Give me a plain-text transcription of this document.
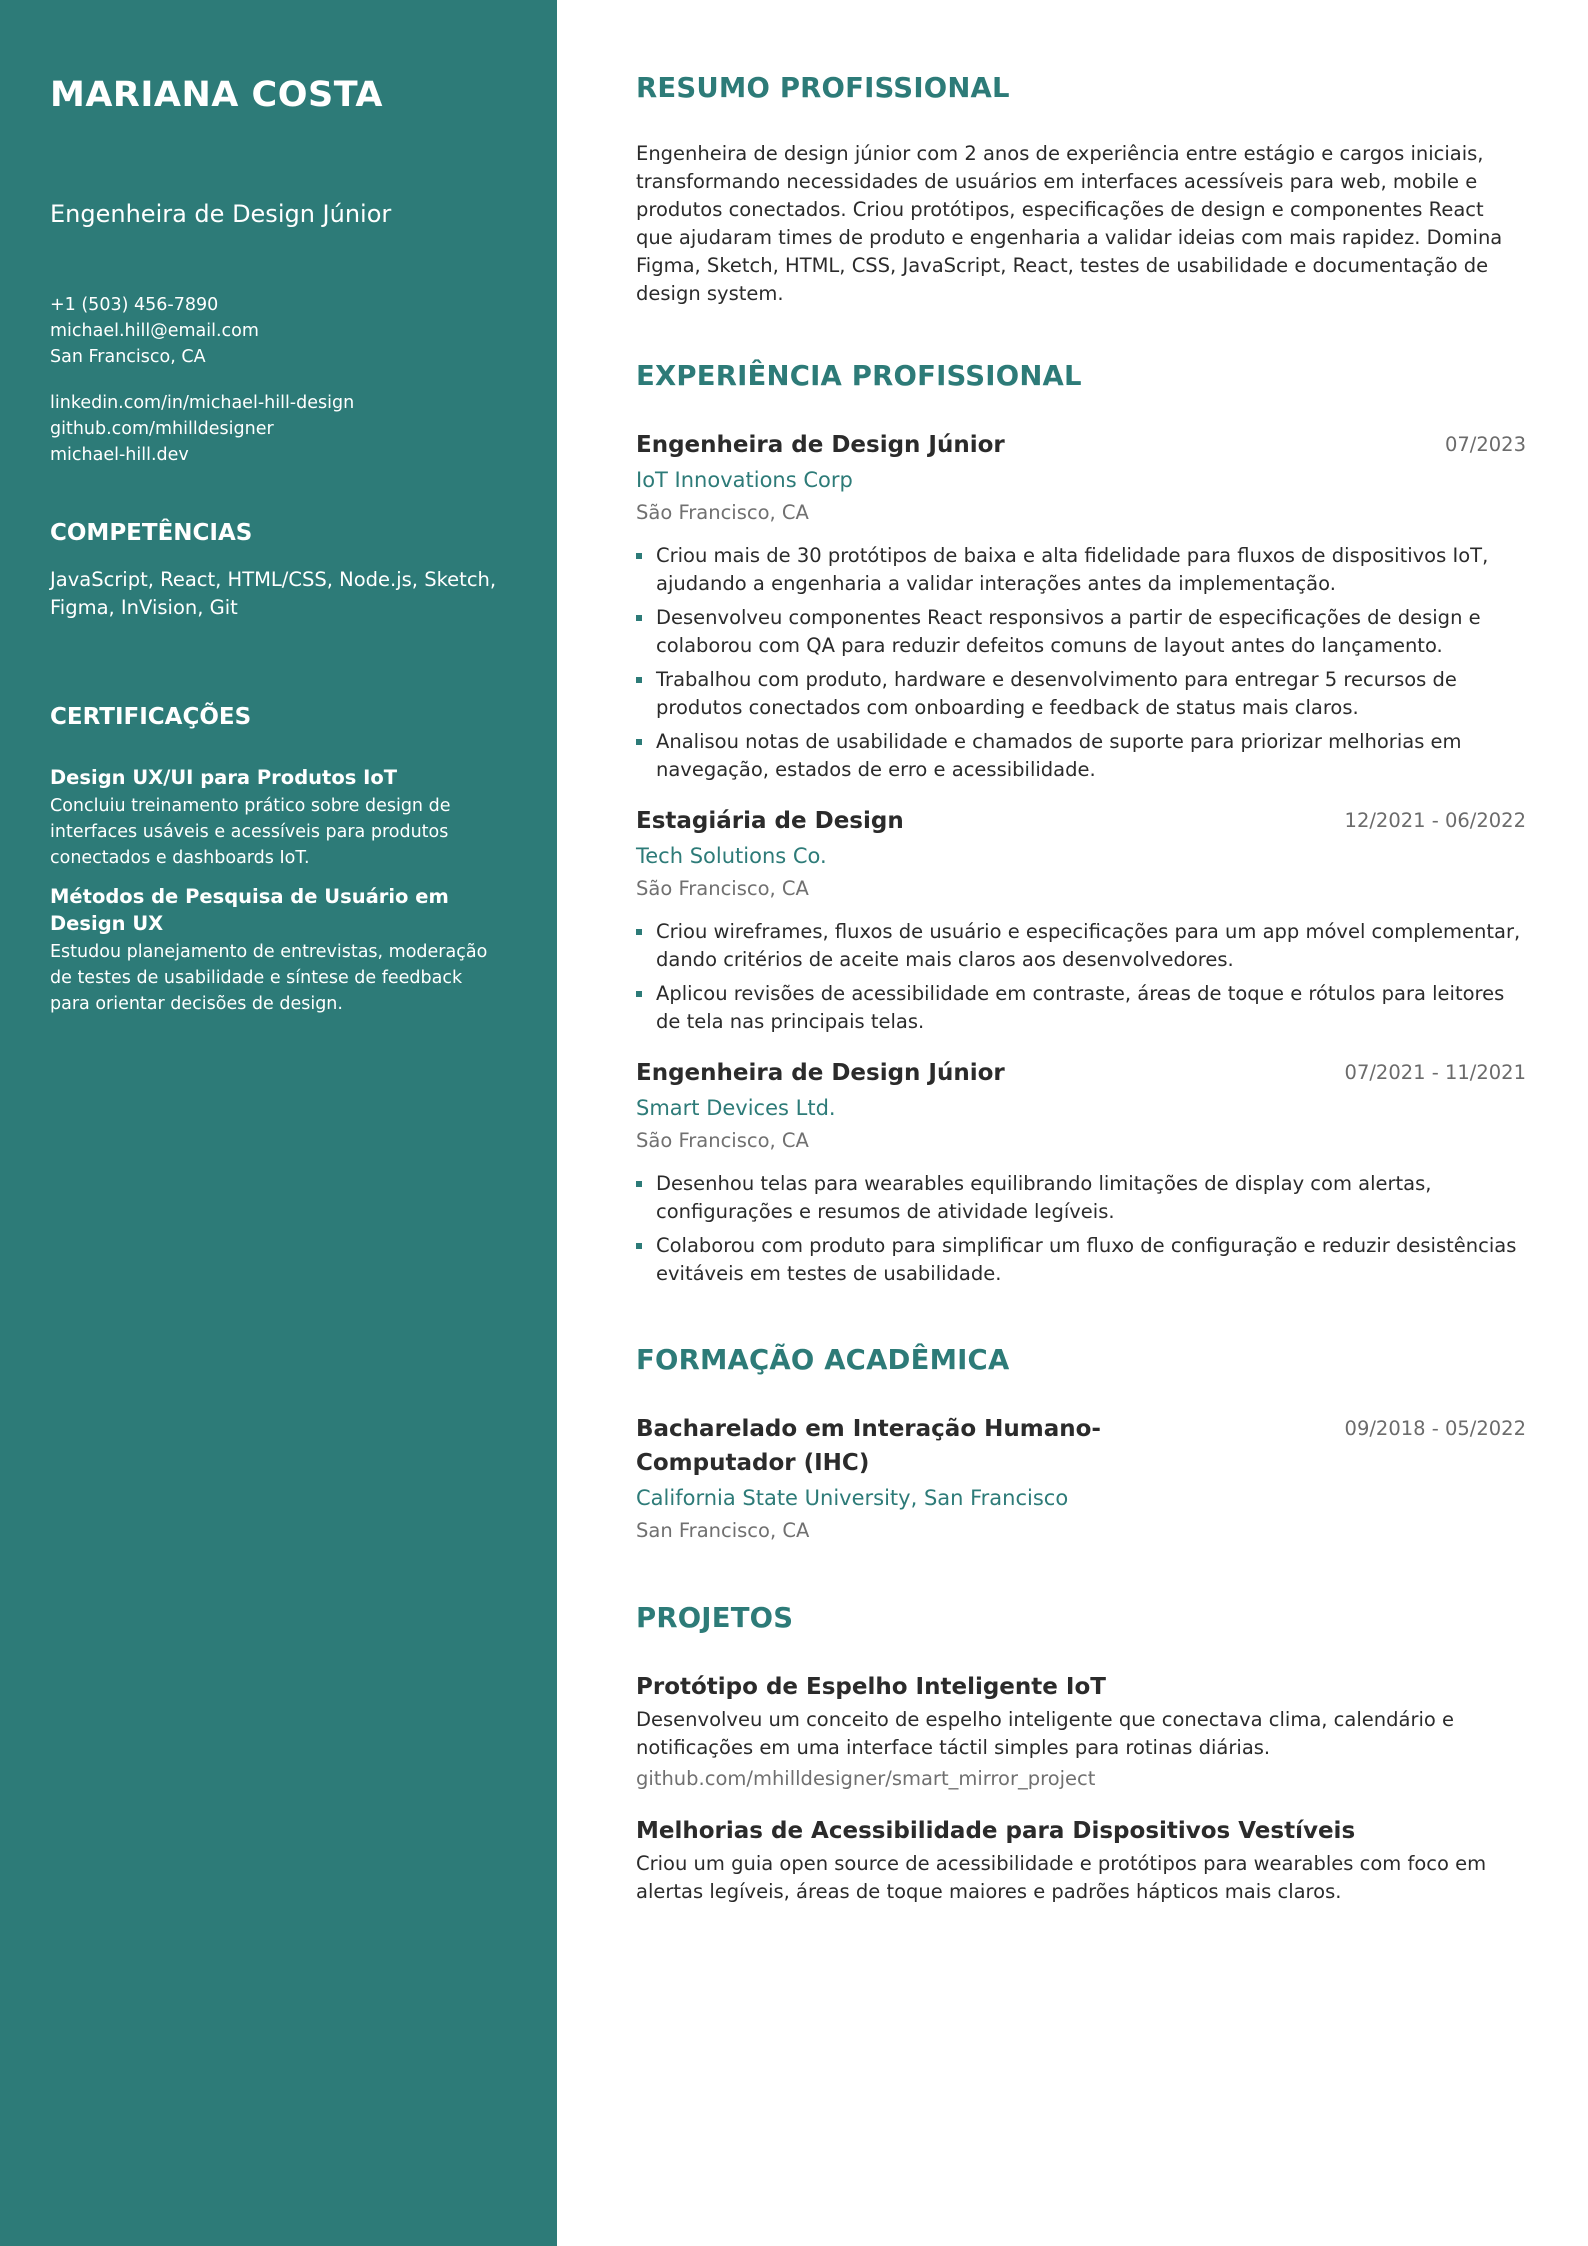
MARIANA COSTA
Engenheira de Design Júnior
+1 (503) 456-7890
michael.hill@email.com
San Francisco, CA
linkedin.com/in/michael-hill-design
github.com/mhilldesigner
michael-hill.dev
COMPETÊNCIAS

JavaScript, React, HTML/CSS, Node.js, Sketch, Figma, InVision, Git

CERTIFICAÇÕES
Design UX/UI para Produtos IoT
Concluiu treinamento prático sobre design de interfaces usáveis e acessíveis para produtos conectados e dashboards IoT.
Métodos de Pesquisa de Usuário em Design UX
Estudou planejamento de entrevistas, moderação de testes de usabilidade e síntese de feedback para orientar decisões de design.
RESUMO PROFISSIONAL

Engenheira de design júnior com 2 anos de experiência entre estágio e cargos iniciais, transformando necessidades de usuários em interfaces acessíveis para web, mobile e produtos conectados. Criou protótipos, especificações de design e componentes React que ajudaram times de produto e engenharia a validar ideias com mais rapidez. Domina Figma, Sketch, HTML, CSS, JavaScript, React, testes de usabilidade e documentação de design system.

EXPERIÊNCIA PROFISSIONAL
Engenheira de Design Júnior	07/2023
IoT Innovations Corp
São Francisco, CA
Criou mais de 30 protótipos de baixa e alta fidelidade para fluxos de dispositivos IoT, ajudando a engenharia a validar interações antes da implementação.
Desenvolveu componentes React responsivos a partir de especificações de design e colaborou com QA para reduzir defeitos comuns de layout antes do lançamento.
Trabalhou com produto, hardware e desenvolvimento para entregar 5 recursos de produtos conectados com onboarding e feedback de status mais claros.
Analisou notas de usabilidade e chamados de suporte para priorizar melhorias em navegação, estados de erro e acessibilidade.
Estagiária de Design	12/2021 - 06/2022
Tech Solutions Co.
São Francisco, CA
Criou wireframes, fluxos de usuário e especificações para um app móvel complementar, dando critérios de aceite mais claros aos desenvolvedores.
Aplicou revisões de acessibilidade em contraste, áreas de toque e rótulos para leitores de tela nas principais telas.
Engenheira de Design Júnior	07/2021 - 11/2021
Smart Devices Ltd.
São Francisco, CA
Desenhou telas para wearables equilibrando limitações de display com alertas, configurações e resumos de atividade legíveis.
Colaborou com produto para simplificar um fluxo de configuração e reduzir desistências evitáveis em testes de usabilidade.
FORMAÇÃO ACADÊMICA
Bacharelado em Interação Humano-Computador (IHC)
09/2018 - 05/2022
California State University, San Francisco
San Francisco, CA
PROJETOS
Protótipo de Espelho Inteligente IoT
Desenvolveu um conceito de espelho inteligente que conectava clima, calendário e notificações em uma interface táctil simples para rotinas diárias.
github.com/mhilldesigner/smart_mirror_project
Melhorias de Acessibilidade para Dispositivos Vestíveis
Criou um guia open source de acessibilidade e protótipos para wearables com foco em alertas legíveis, áreas de toque maiores e padrões hápticos mais claros.
